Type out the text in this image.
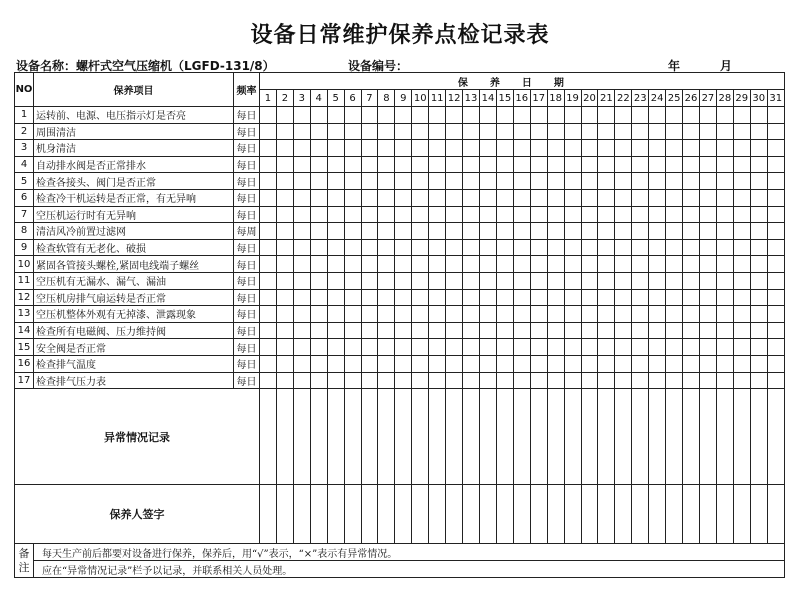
设备日常维护保养点检记录表
设备名称：螺杆式空气压缩机（LGFD-131/8）	设备编号：	年	月
NO	保养项目	频率	保养日期																														
			1	2	3	4	5	6	7	8	9	10	11	12	13	14	15	16	17	18	19	20	21	22	23	24	25	26	27	28	29	30	31
1	运转前、电源、电压指示灯是否亮	每日																															
2	周围清洁	每日																															
3	机身清洁	每日																															
4	自动排水阀是否正常排水	每日																															
5	检查各接头、阀门是否正常	每日																															
6	检查冷干机运转是否正常，有无异响	每日																															
7	空压机运行时有无异响	每日																															
8	清洁风冷前置过滤网	每周																															
9	检查软管有无老化、破损	每日																															
10	紧固各管接头螺栓,紧固电线端子螺丝	每日																															
11	空压机有无漏水、漏气、漏油	每日																															
12	空压机房排气扇运转是否正常	每日																															
13	空压机整体外观有无掉漆、泄露现象	每日																															
14	检查所有电磁阀、压力维持阀	每日																															
15	安全阀是否正常	每日																															
16	检查排气温度	每日																															
17	检查排气压力表	每日																															
异常情况记录																																	
保养人签字																																	
备注	每天生产前后都要对设备进行保养，保养后，用“√”表示，“×”表示有异常情况。																																
	应在“异常情况记录”栏予以记录，并联系相关人员处理。																																
